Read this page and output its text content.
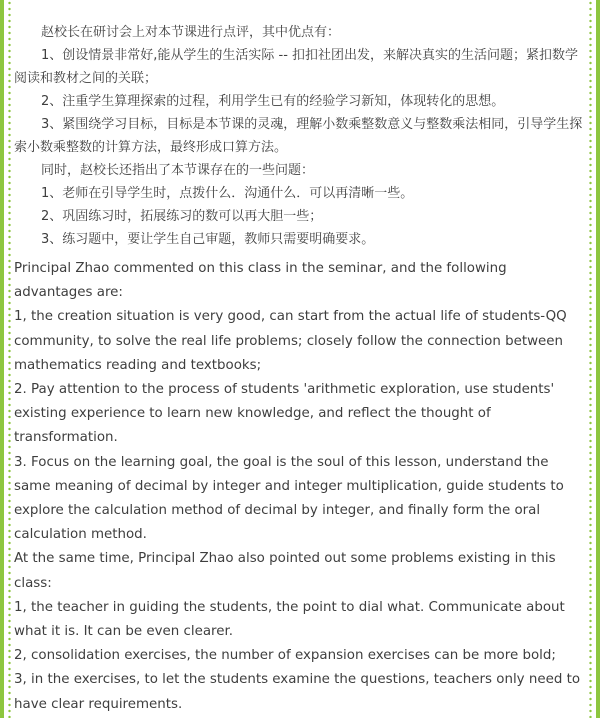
赵校长在研讨会上对本节课进行点评，其中优点有：

1、创设情景非常好,能从学生的生活实际 -- 扣扣社团出发，来解决真实的生活问题；紧扣数学阅读和教材之间的关联；

2、注重学生算理探索的过程，利用学生已有的经验学习新知，体现转化的思想。

3、紧围绕学习目标，目标是本节课的灵魂，理解小数乘整数意义与整数乘法相同，引导学生探索小数乘整数的计算方法，最终形成口算方法。

同时，赵校长还指出了本节课存在的一些问题：

1、老师在引导学生时，点拨什么．沟通什么．可以再清晰一些。

2、巩固练习时，拓展练习的数可以再大胆一些；

3、练习题中，要让学生自己审题，教师只需要明确要求。

Principal Zhao commented on this class in the seminar, and the following advantages are:

1, the creation situation is very good, can start from the actual life of students-QQ community, to solve the real life problems; closely follow the connection between mathematics reading and textbooks;

2. Pay attention to the process of students 'arithmetic exploration, use students' existing experience to learn new knowledge, and reflect the thought of transformation.

3. Focus on the learning goal, the goal is the soul of this lesson, understand the same meaning of decimal by integer and integer multiplication, guide students to explore the calculation method of decimal by integer, and finally form the oral calculation method.

At the same time, Principal Zhao also pointed out some problems existing in this class:

1, the teacher in guiding the students, the point to dial what. Communicate about what it is. It can be even clearer.

2, consolidation exercises, the number of expansion exercises can be more bold;

3, in the exercises, to let the students examine the questions, teachers only need to have clear requirements.
